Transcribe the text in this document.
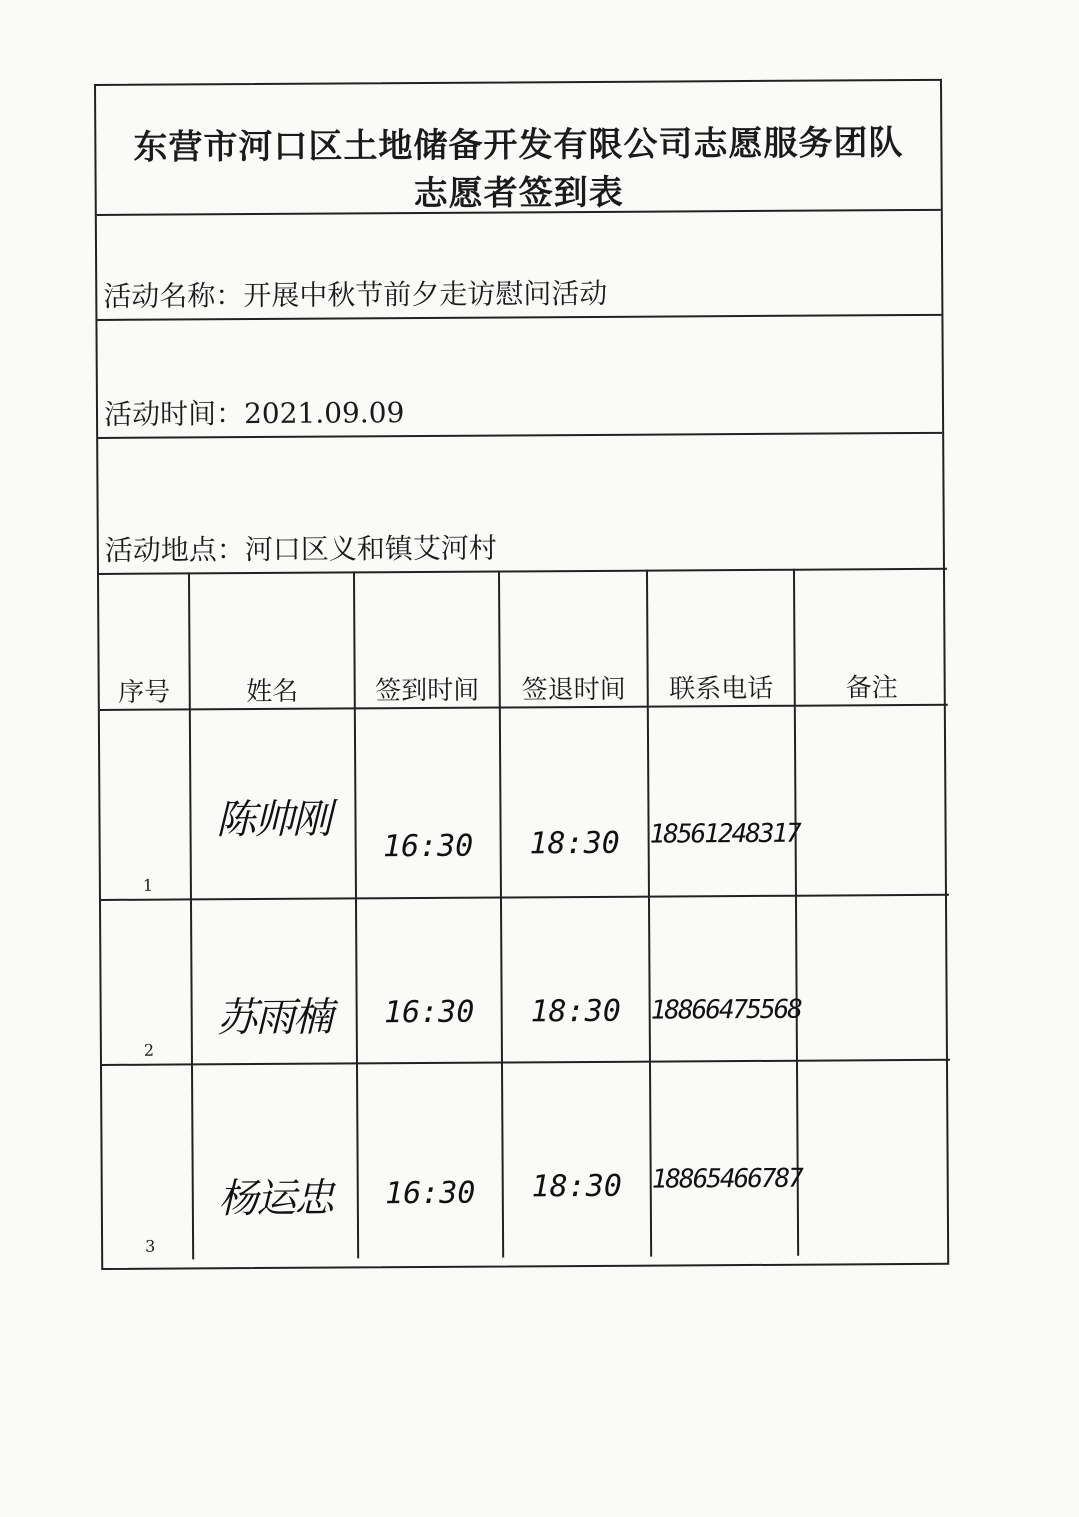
东营市河口区土地储备开发有限公司志愿服务团队
志愿者签到表
活动名称：开展中秋节前夕走访慰问活动
活动时间：2021.09.09
活动地点：河口区义和镇艾河村
序号	姓名	签到时间	签退时间	联系电话	备注

1	陈帅刚	16:30	18:30	18561248317	

2	苏雨楠	16:30	18:30	18866475568	

3	杨运忠	16:30	18:30	18865466787	
